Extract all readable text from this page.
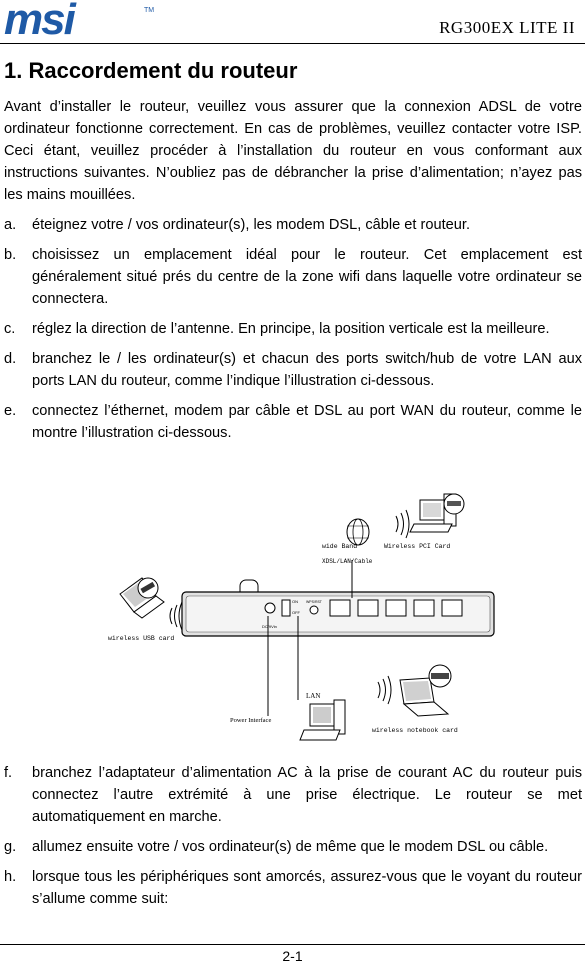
msi	TM
RG300EX LITE II
1. Raccordement du routeur

Avant d’installer le routeur, veuillez vous assurer que la connexion ADSL de votre ordinateur fonctionne correctement. En cas de problèmes, veuillez contacter votre ISP. Ceci étant, veuillez procéder à l’installation du routeur en vous conformant aux instructions suivantes. N’oubliez pas de débrancher la prise d’alimentation; n’ayez pas les mains mouillées.

a.	éteignez votre / vos ordinateur(s), les modem DSL, câble et routeur.
b.	choisissez un emplacement idéal pour le routeur. Cet emplacement est généralement situé prés du centre de la zone wifi dans laquelle votre ordinateur se connectera.
c.	réglez la direction de l’antenne. En principe, la position verticale est la meilleure.
d.	branchez le / les ordinateur(s) et chacun des ports switch/hub de votre LAN aux ports LAN du routeur, comme l’indique l’illustration ci-dessous.
e.	connectez l’éthernet, modem par câble et DSL au port WAN du routeur, comme le montre l’illustration ci-dessous.
wide Band
XDSL/LAN/Cable
Wireless PCI Card
wireless USB card
DC/9Vin
ON
OFF
WPS/RST
Power Interface
LAN
wireless notebook card
f.	branchez l’adaptateur d’alimentation AC à la prise de courant AC du routeur puis connectez l’autre extrémité à une prise électrique. Le routeur se met automatiquement en marche.
g.	allumez ensuite votre / vos ordinateur(s) de même que le modem DSL ou câble.
h.	lorsque tous les périphériques sont amorcés, assurez-vous que le voyant du routeur s’allume comme suit:
2-1
